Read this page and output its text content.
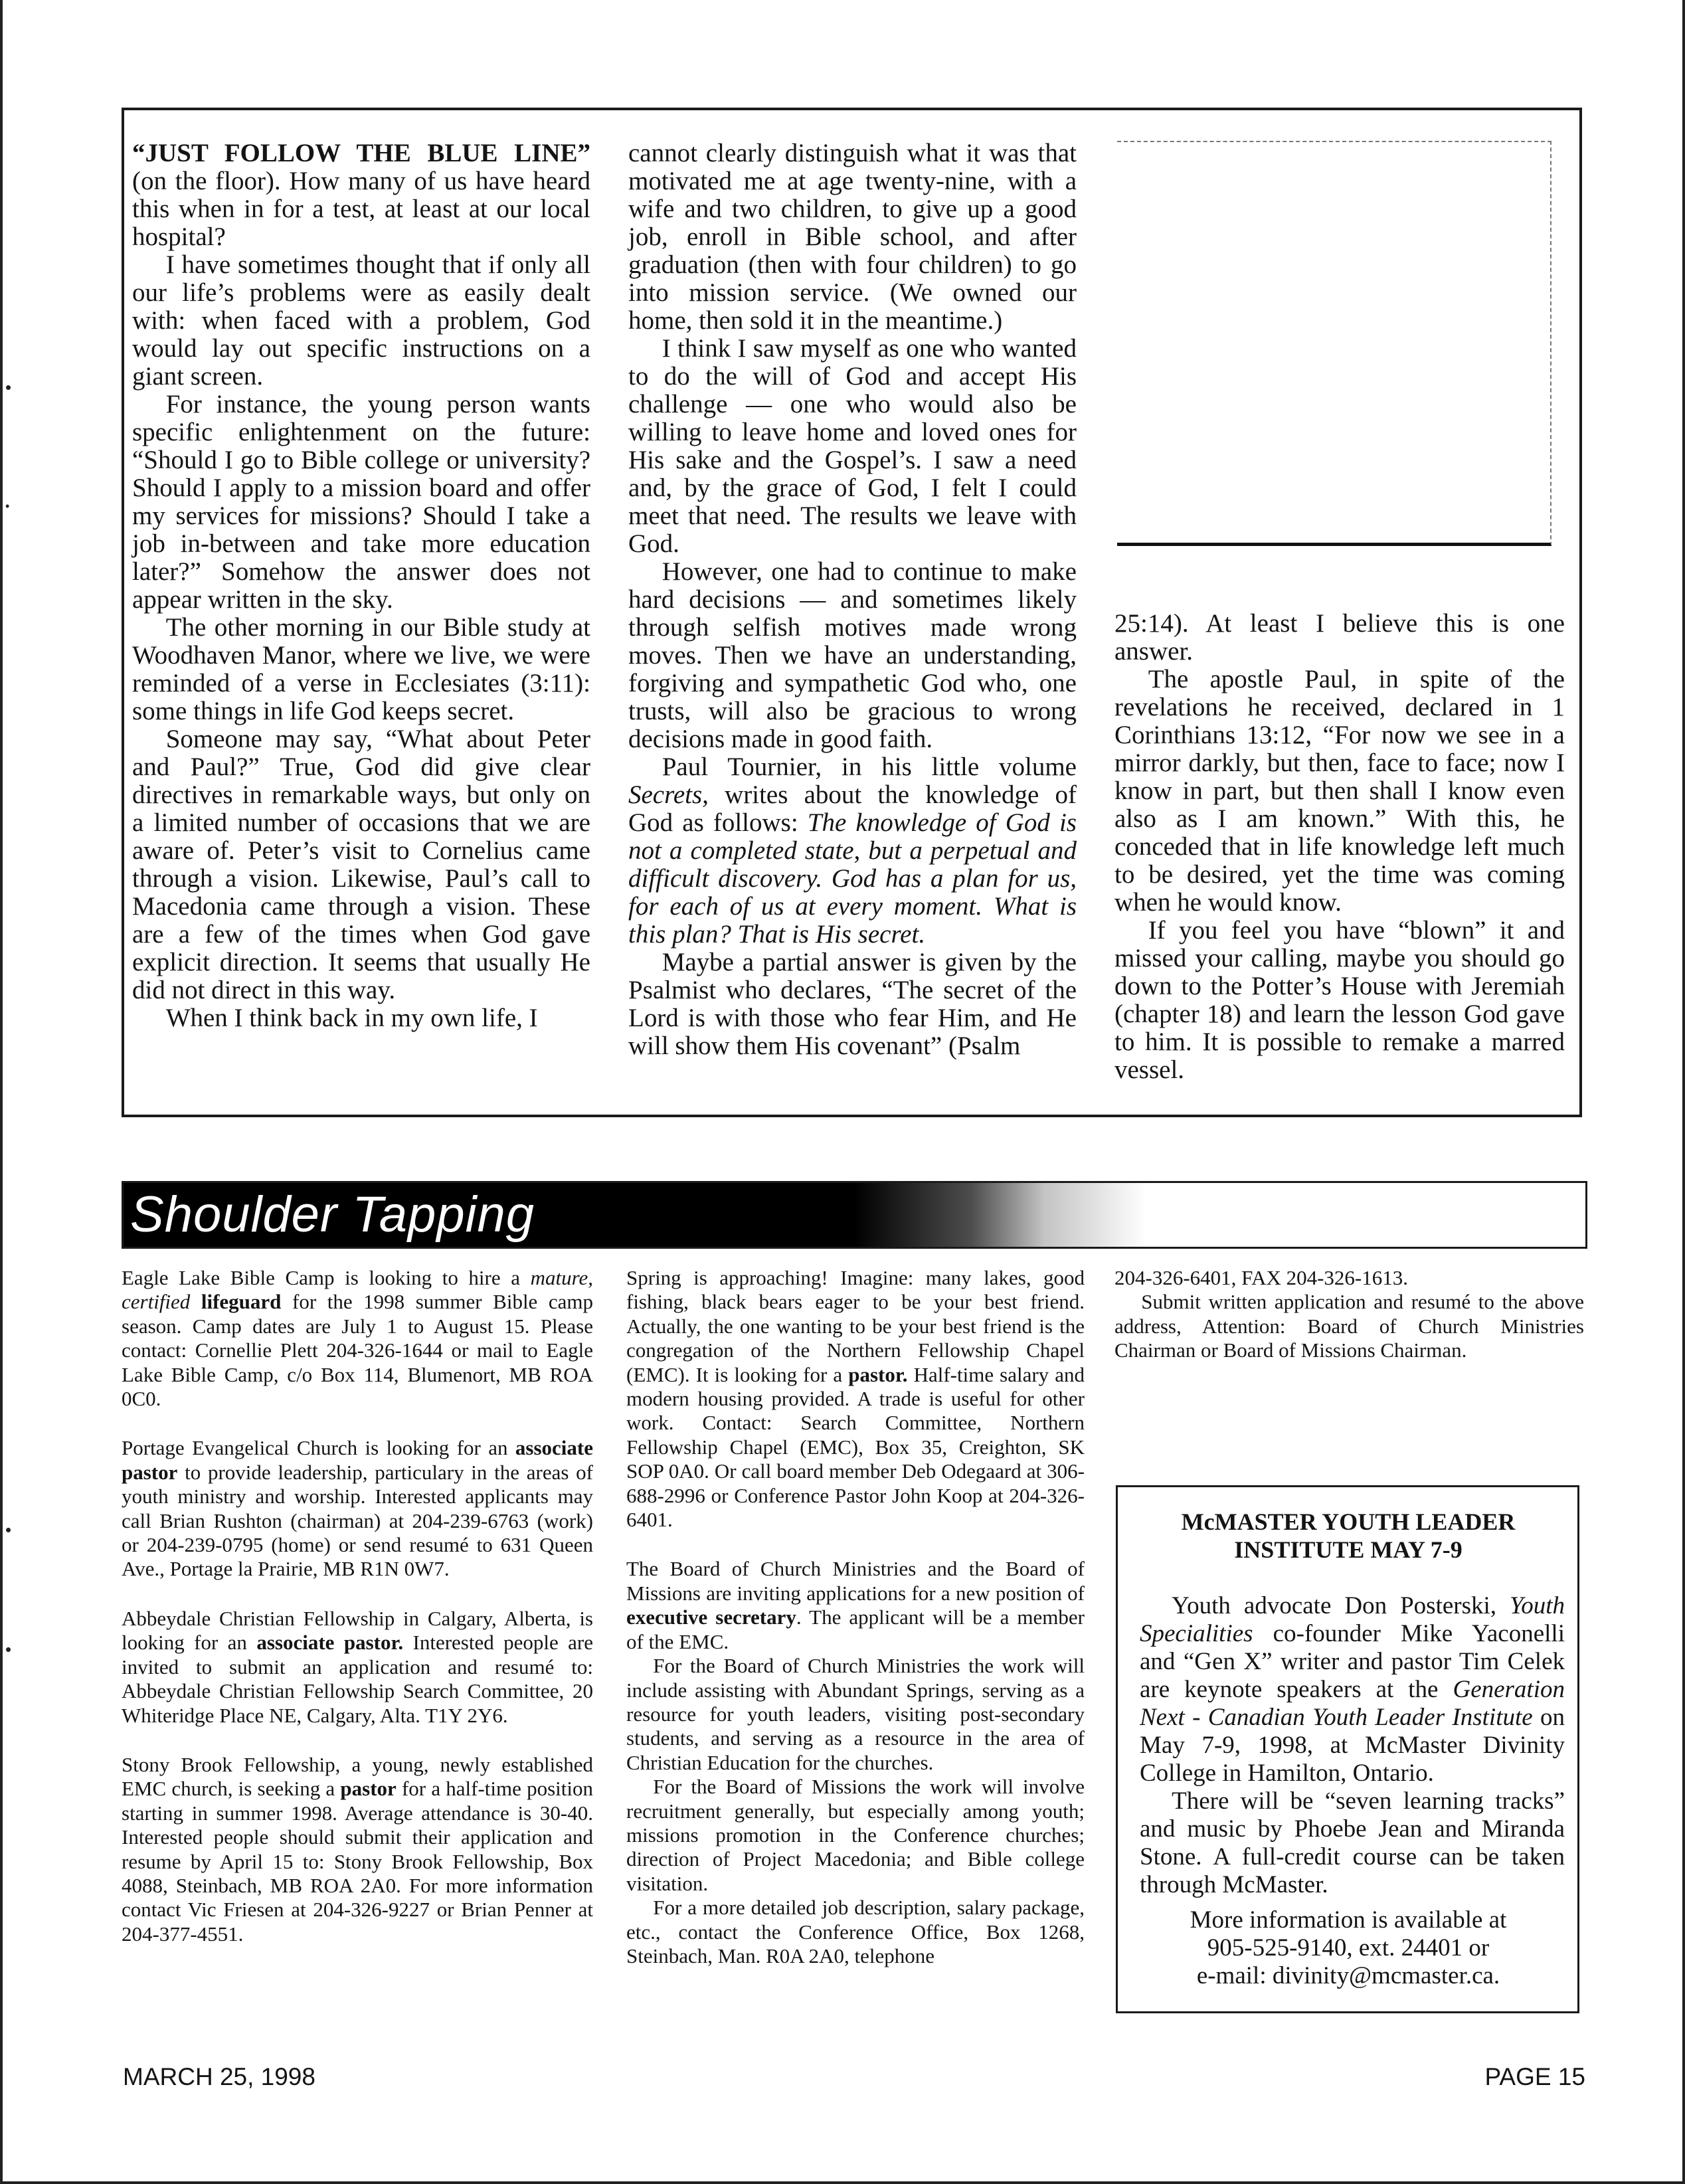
•
•
•
•

“JUST FOLLOW THE BLUE LINE” (on the floor). How many of us have heard this when in for a test, at least at our local hospital?

I have sometimes thought that if only all our life’s problems were as easily dealt with: when faced with a problem, God would lay out specific instructions on a giant screen.

For instance, the young person wants specific enlightenment on the future: “Should I go to Bible college or university? Should I apply to a mission board and offer my services for missions? Should I take a job in-between and take more education later?” Somehow the answer does not appear written in the sky.

The other morning in our Bible study at Woodhaven Manor, where we live, we were reminded of a verse in Ecclesiates (3:11): some things in life God keeps secret.

Someone may say, “What about Peter and Paul?” True, God did give clear directives in remarkable ways, but only on a limited number of occasions that we are aware of. Peter’s visit to Cornelius came through a vision. Likewise, Paul’s call to Macedonia came through a vision. These are a few of the times when God gave explicit direction. It seems that usually He did not direct in this way.

When I think back in my own life, I

cannot clearly distinguish what it was that motivated me at age twenty-nine, with a wife and two children, to give up a good job, enroll in Bible school, and after graduation (then with four children) to go into mission service. (We owned our home, then sold it in the meantime.)

I think I saw myself as one who wanted to do the will of God and accept His challenge — one who would also be willing to leave home and loved ones for His sake and the Gospel’s. I saw a need and, by the grace of God, I felt I could meet that need. The results we leave with God.

However, one had to continue to make hard decisions — and sometimes likely through selfish motives made wrong moves. Then we have an understanding, forgiving and sympathetic God who, one trusts, will also be gracious to wrong decisions made in good faith.

Paul Tournier, in his little volume Secrets, writes about the knowledge of God as follows: The knowledge of God is not a completed state, but a perpetual and difficult discovery. God has a plan for us, for each of us at every moment. What is this plan? That is His secret.

Maybe a partial answer is given by the Psalmist who declares, “The secret of the Lord is with those who fear Him, and He will show them His covenant” (Psalm

25:14). At least I believe this is one answer.

The apostle Paul, in spite of the revelations he received, declared in 1 Corinthians 13:12, “For now we see in a mirror darkly, but then, face to face; now I know in part, but then shall I know even also as I am known.” With this, he conceded that in life knowledge left much to be desired, yet the time was coming when he would know.

If you feel you have “blown” it and missed your calling, maybe you should go down to the Potter’s House with Jeremiah (chapter 18) and learn the lesson God gave to him. It is possible to remake a marred vessel.

Shoulder Tapping

Eagle Lake Bible Camp is looking to hire a mature, certified lifeguard for the 1998 summer Bible camp season. Camp dates are July 1 to August 15. Please contact: Cornellie Plett 204-326-1644 or mail to Eagle Lake Bible Camp, c/o Box 114, Blumenort, MB ROA 0C0.

Portage Evangelical Church is looking for an associate pastor to provide leadership, particulary in the areas of youth ministry and worship. Interested applicants may call Brian Rushton (chairman) at 204-239-6763 (work) or 204-239-0795 (home) or send resumé to 631 Queen Ave., Portage la Prairie, MB R1N 0W7.

Abbeydale Christian Fellowship in Calgary, Alberta, is looking for an associate pastor. Interested people are invited to submit an application and resumé to: Abbeydale Christian Fellowship Search Committee, 20 Whiteridge Place NE, Calgary, Alta. T1Y 2Y6.

Stony Brook Fellowship, a young, newly established EMC church, is seeking a pastor for a half-time position starting in summer 1998. Average attendance is 30-40. Interested people should submit their application and resume by April 15 to: Stony Brook Fellowship, Box 4088, Steinbach, MB ROA 2A0. For more information contact Vic Friesen at 204-326-9227 or Brian Penner at 204-377-4551.

Spring is approaching! Imagine: many lakes, good fishing, black bears eager to be your best friend. Actually, the one wanting to be your best friend is the congregation of the Northern Fellowship Chapel (EMC). It is looking for a pastor. Half-time salary and modern housing provided. A trade is useful for other work. Contact: Search Committee, Northern Fellowship Chapel (EMC), Box 35, Creighton, SK SOP 0A0. Or call board member Deb Odegaard at 306-688-2996 or Conference Pastor John Koop at 204-326-6401.

The Board of Church Ministries and the Board of Missions are inviting applications for a new position of executive secretary. The applicant will be a member of the EMC.

For the Board of Church Ministries the work will include assisting with Abundant Springs, serving as a resource for youth leaders, visiting post-secondary students, and serving as a resource in the area of Christian Education for the churches.

For the Board of Missions the work will involve recruitment generally, but especially among youth; missions promotion in the Conference churches; direction of Project Macedonia; and Bible college visitation.

For a more detailed job description, salary package, etc., contact the Conference Office, Box 1268, Steinbach, Man. R0A 2A0, telephone

204-326-6401, FAX 204-326-1613.

Submit written application and resumé to the above address, Attention: Board of Church Ministries Chairman or Board of Missions Chairman.

McMASTER YOUTH LEADER
INSTITUTE MAY 7-9

Youth advocate Don Posterski, Youth Specialities co-founder Mike Yaconelli and “Gen X” writer and pastor Tim Celek are keynote speakers at the Generation Next - Canadian Youth Leader Institute on May 7-9, 1998, at McMaster Divinity College in Hamilton, Ontario.

There will be “seven learning tracks” and music by Phoebe Jean and Miranda Stone. A full-credit course can be taken through McMaster.

More information is available at

905-525-9140, ext. 24401 or

e-mail: divinity@mcmaster.ca.

MARCH 25, 1998	PAGE 15
